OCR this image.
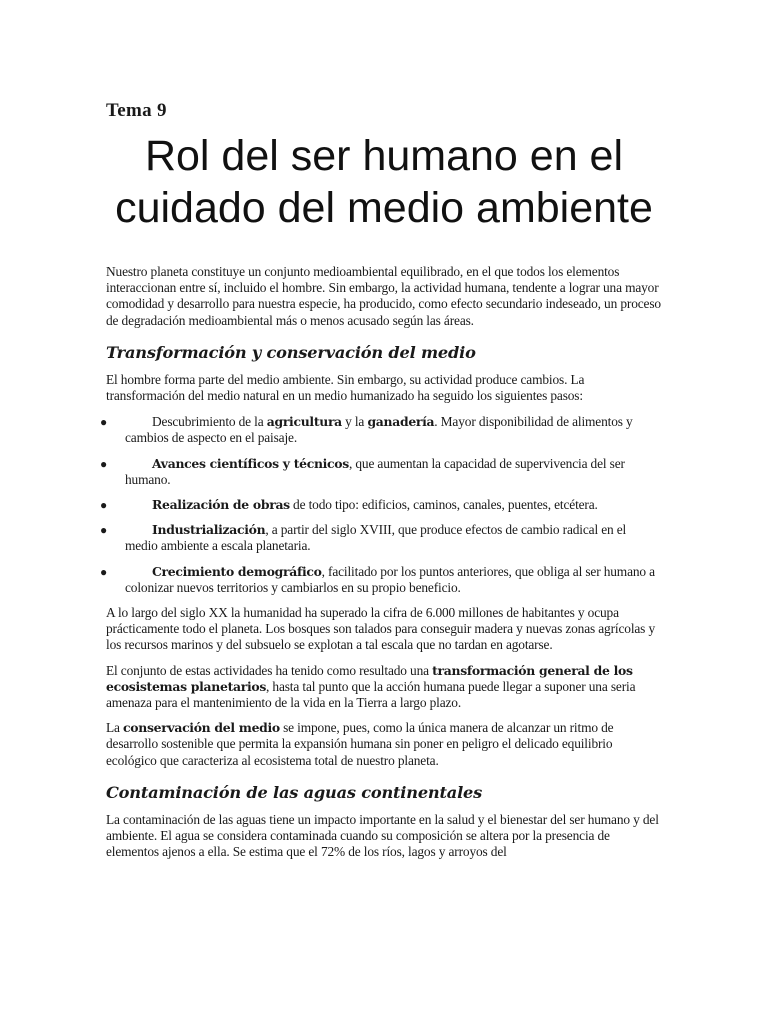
Tema 9
Rol del ser humano en el cuidado del medio ambiente

Nuestro planeta constituye un conjunto medioambiental equilibrado, en el que todos los elementos interaccionan entre sí, incluido el hombre. Sin embargo, la actividad humana, tendente a lograr una mayor comodidad y desarrollo para nuestra especie, ha producido, como efecto secundario indeseado, un proceso de degradación medioambiental más o menos acusado según las áreas.

Transformación y conservación del medio

El hombre forma parte del medio ambiente. Sin embargo, su actividad produce cambios. La transformación del medio natural en un medio humanizado ha seguido los siguientes pasos:

●	Descubrimiento de la agricultura y la ganadería. Mayor disponibilidad de alimentos y cambios de aspecto en el paisaje.
●	Avances científicos y técnicos, que aumentan la capacidad de supervivencia del ser humano.
●	Realización de obras de todo tipo: edificios, caminos, canales, puentes, etcétera.
●	Industrialización, a partir del siglo XVIII, que produce efectos de cambio radical en el medio ambiente a escala planetaria.
●	Crecimiento demográfico, facilitado por los puntos anteriores, que obliga al ser humano a colonizar nuevos territorios y cambiarlos en su propio beneficio.

A lo largo del siglo XX la humanidad ha superado la cifra de 6.000 millones de habitantes y ocupa prácticamente todo el planeta. Los bosques son talados para conseguir madera y nuevas zonas agrícolas y los recursos marinos y del subsuelo se explotan a tal escala que no tardan en agotarse.

El conjunto de estas actividades ha tenido como resultado una transformación general de los ecosistemas planetarios, hasta tal punto que la acción humana puede llegar a suponer una seria amenaza para el mantenimiento de la vida en la Tierra a largo plazo.

La conservación del medio se impone, pues, como la única manera de alcanzar un ritmo de desarrollo sostenible que permita la expansión humana sin poner en peligro el delicado equilibrio ecológico que caracteriza al ecosistema total de nuestro planeta.

Contaminación de las aguas continentales

La contaminación de las aguas tiene un impacto importante en la salud y el bienestar del ser humano y del ambiente. El agua se considera contaminada cuando su composición se altera por la presencia de elementos ajenos a ella. Se estima que el 72% de los ríos, lagos y arroyos del
